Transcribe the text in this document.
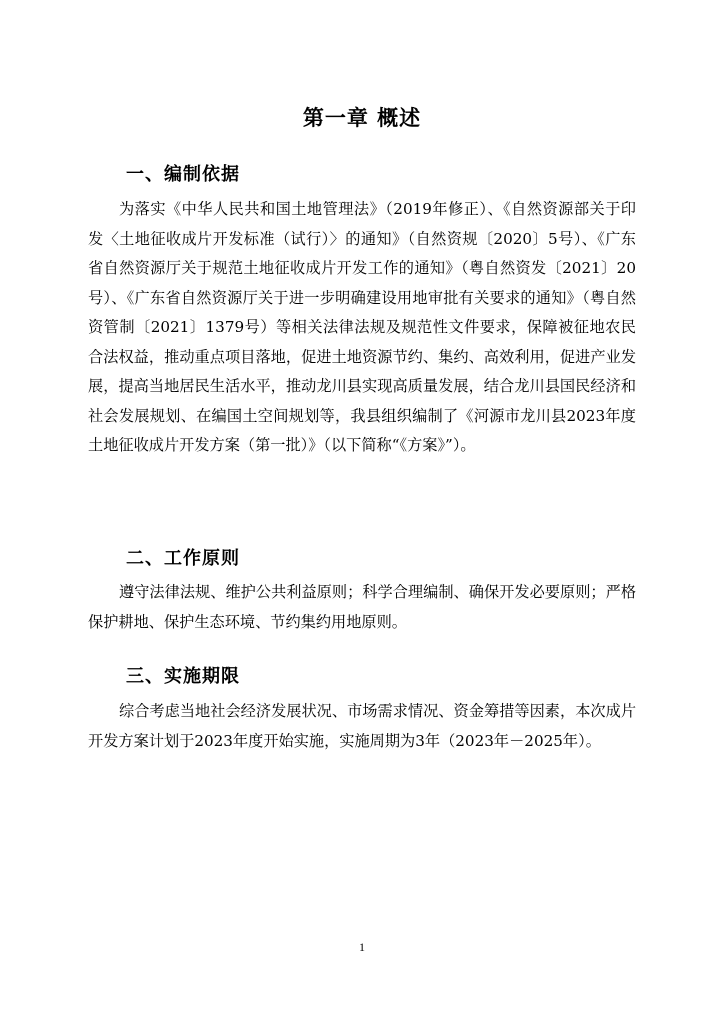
第一章 概述
一、编制依据

为落实《中华人民共和国土地管理法》（2019年修正）、《自然资源部关于印发〈土地征收成片开发标准（试行）〉的通知》（自然资规〔2020〕5号）、《广东省自然资源厅关于规范土地征收成片开发工作的通知》（粤自然资发〔2021〕20号）、《广东省自然资源厅关于进一步明确建设用地审批有关要求的通知》（粤自然资管制〔2021〕1379号）等相关法律法规及规范性文件要求，保障被征地农民合法权益，推动重点项目落地，促进土地资源节约、集约、高效利用，促进产业发展，提高当地居民生活水平，推动龙川县实现高质量发展，结合龙川县国民经济和社会发展规划、在编国土空间规划等，我县组织编制了《河源市龙川县2023年度土地征收成片开发方案（第一批）》（以下简称“《方案》”）。

二、工作原则

遵守法律法规、维护公共利益原则；科学合理编制、确保开发必要原则；严格保护耕地、保护生态环境、节约集约用地原则。

三、实施期限

综合考虑当地社会经济发展状况、市场需求情况、资金筹措等因素，本次成片开发方案计划于2023年度开始实施，实施周期为3年（2023年－2025年）。

1
